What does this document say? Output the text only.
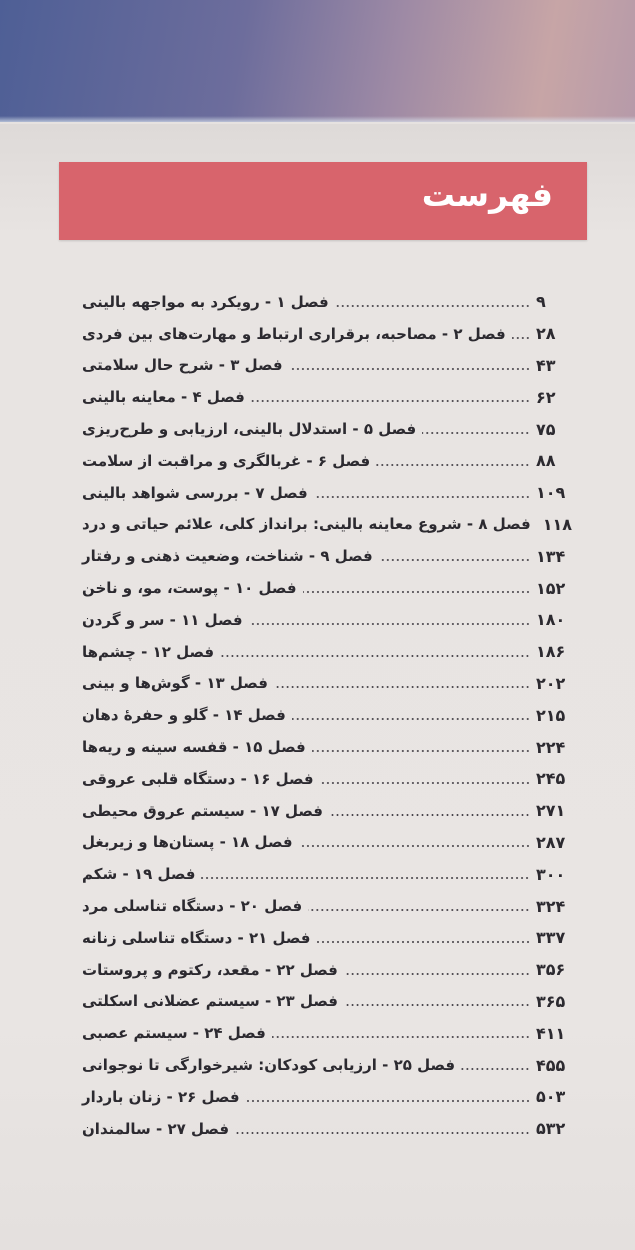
فهرست
فصل ۱ - رویکرد به مواجهه بالینی	۹
فصل ۲ - مصاحبه، برقراری ارتباط و مهارت‌های بین فردی ۲۸
فصل ۳ - شرح حال سلامتی	۴۳
فصل ۴ - معاینه بالینی	۶۲
فصل ۵ - استدلال بالینی، ارزیابی و طرح‌ریزی	۷۵
فصل ۶ - غربالگری و مراقبت از سلامت	۸۸
فصل ۷ - بررسی شواهد بالینی	۱۰۹
فصل ۸ - شروع معاینه بالینی: برانداز کلی، علائم حیاتی و درد ۱۱۸
فصل ۹ - شناخت، وضعیت ذهنی و رفتار	۱۳۴
فصل ۱۰ - پوست، مو، و ناخن	۱۵۲
فصل ۱۱ - سر و گردن	۱۸۰
فصل ۱۲ - چشم‌ها	۱۸۶
فصل ۱۳ - گوش‌ها و بینی	۲۰۲
فصل ۱۴ - گلو و حفرهٔ دهان	۲۱۵
فصل ۱۵ - قفسه سینه و ریه‌ها	۲۲۴
فصل ۱۶ - دستگاه قلبی عروقی	۲۴۵
فصل ۱۷ - سیستم عروق محیطی	۲۷۱
فصل ۱۸ - پستان‌ها و زیربغل	۲۸۷
فصل ۱۹ - شکم	۳۰۰
فصل ۲۰ - دستگاه تناسلی مرد	۳۲۴
فصل ۲۱ - دستگاه تناسلی زنانه	۳۳۷
فصل ۲۲ - مقعد، رکتوم و پروستات	۳۵۶
فصل ۲۳ - سیستم عضلانی اسکلتی	۳۶۵
فصل ۲۴ - سیستم عصبی	۴۱۱
فصل ۲۵ - ارزیابی کودکان: شیرخوارگی تا نوجوانی	۴۵۵
فصل ۲۶ - زنان باردار	۵۰۳
فصل ۲۷ - سالمندان	۵۳۲
